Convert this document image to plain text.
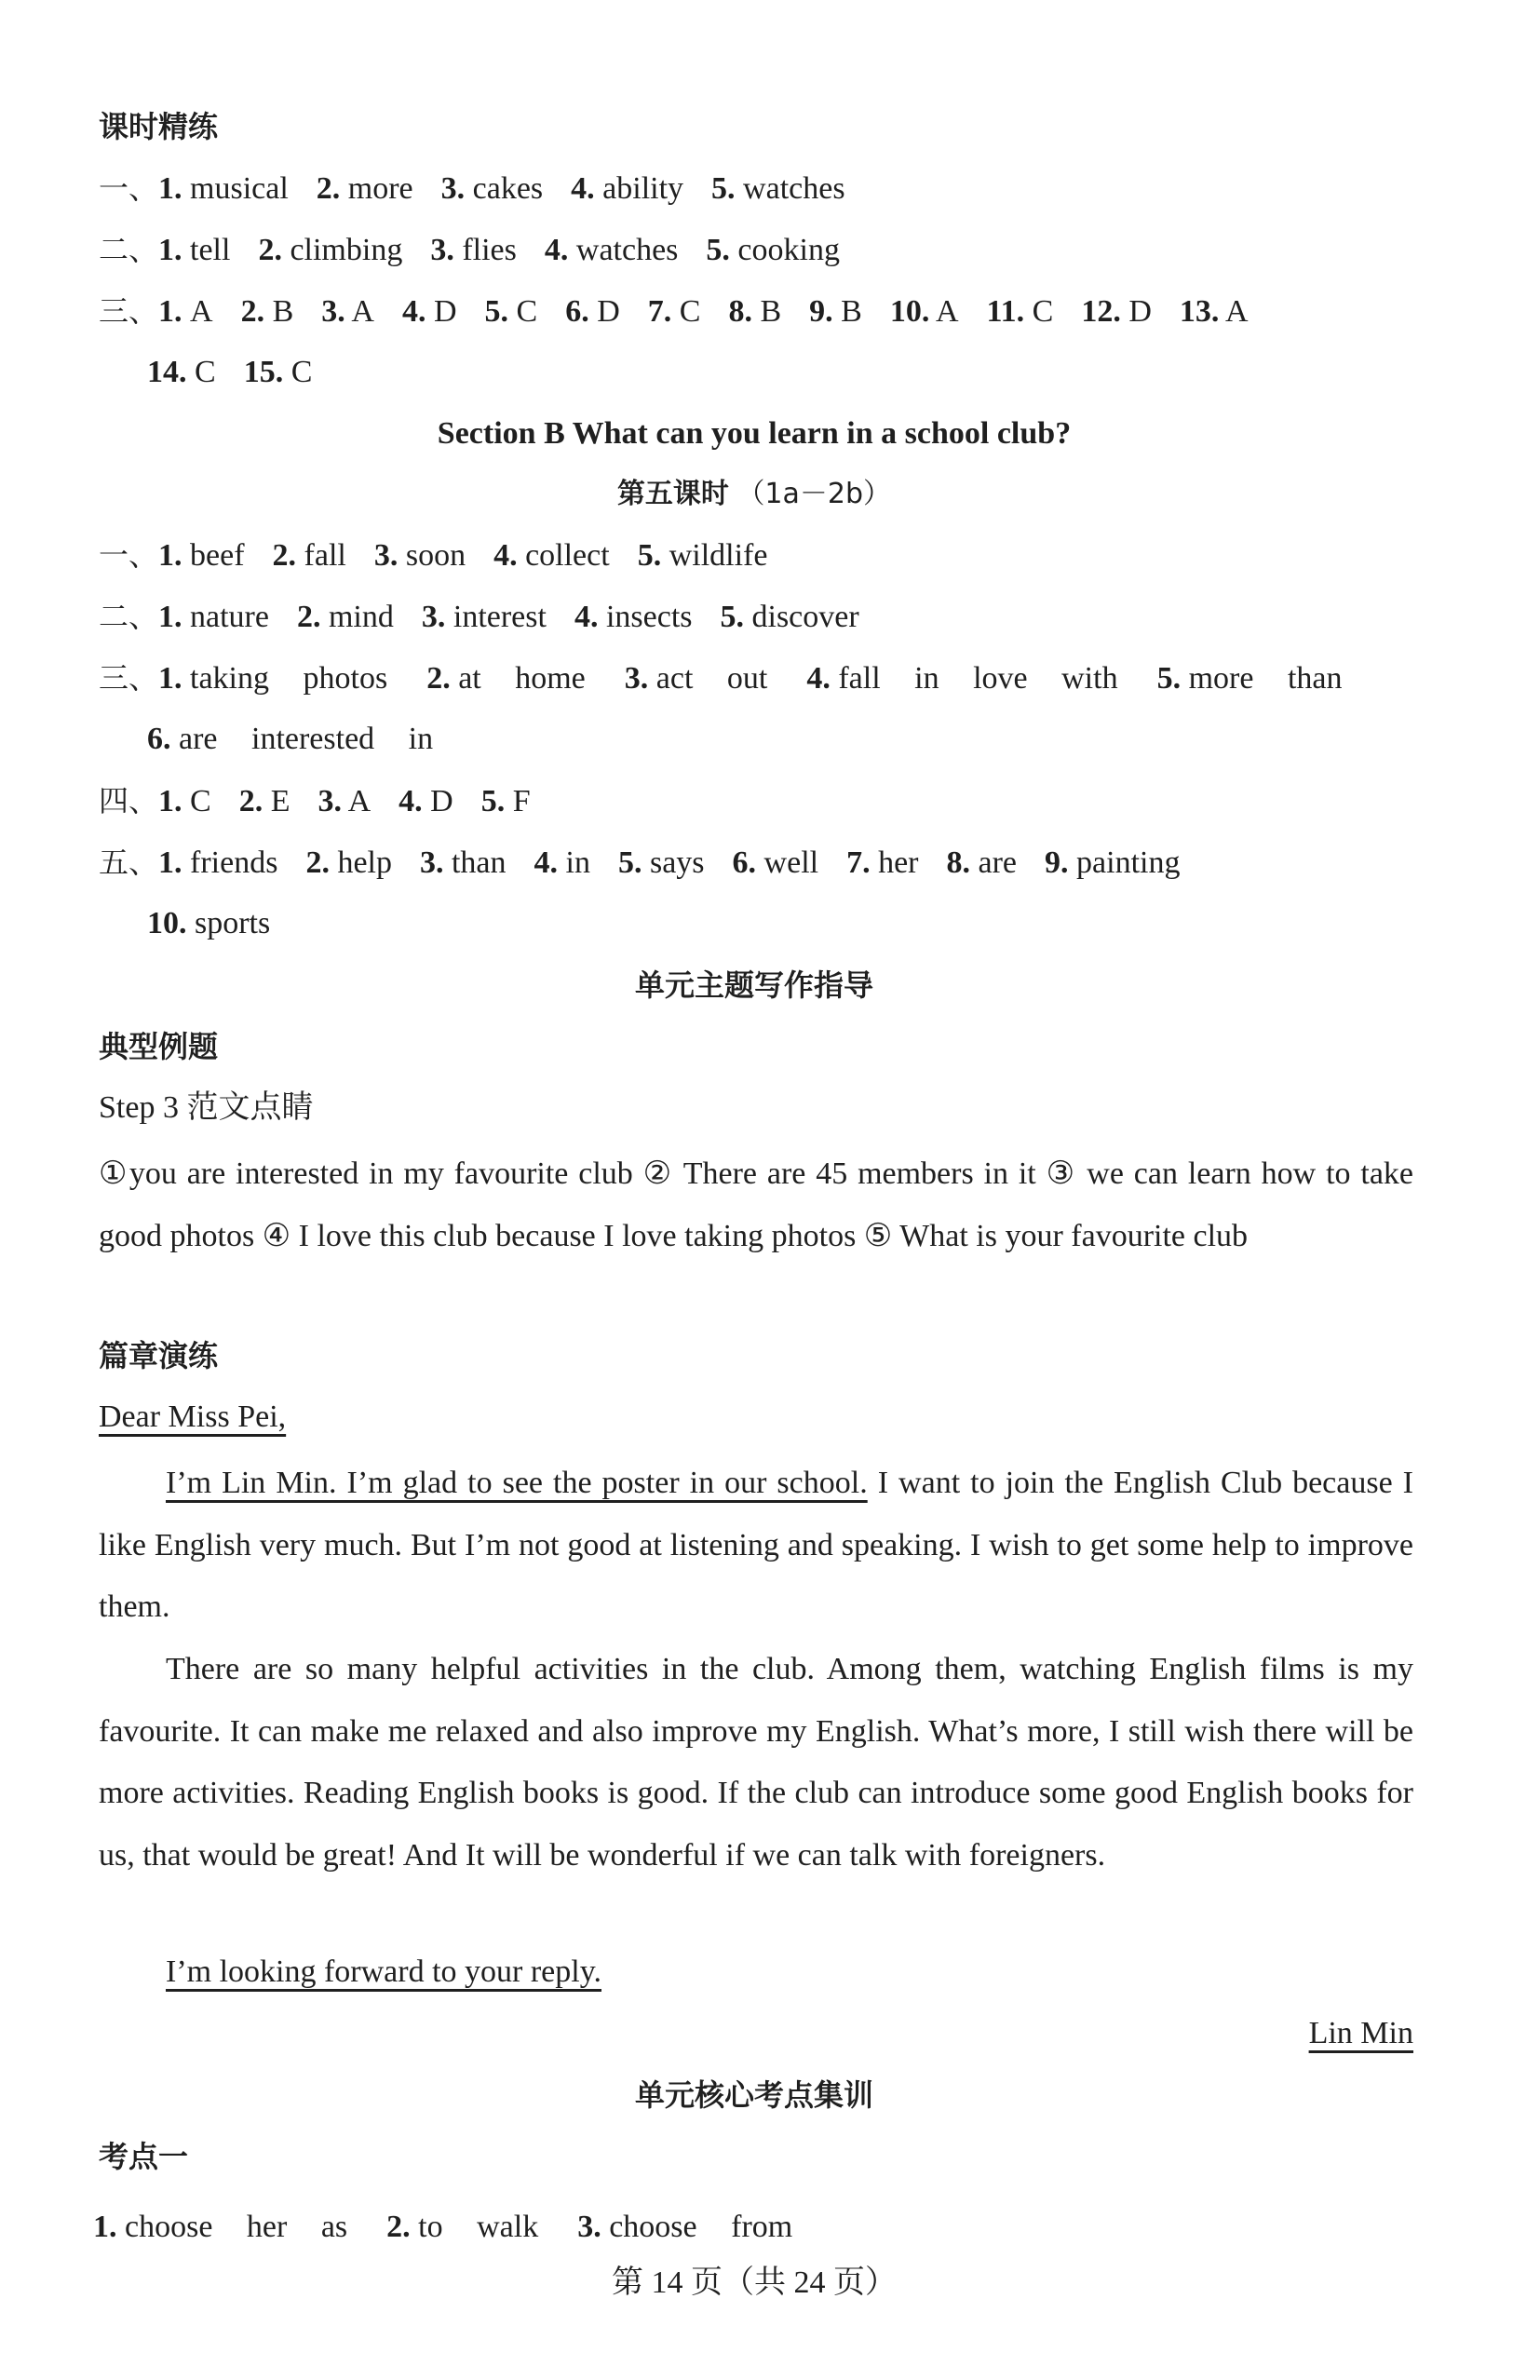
课时精练
一、1. musical 2. more 3. cakes 4. ability 5. watches
二、1. tell 2. climbing 3. flies 4. watches 5. cooking
三、1. A 2. B 3. A 4. D 5. C 6. D 7. C 8. B 9. B 10. A 11. C 12. D 13. A
14. C 15. C
Section B What can you learn in a school club?
第五课时 （1a－2b）
一、1. beef 2. fall 3. soon 4. collect 5. wildlife
二、1. nature 2. mind 3. interest 4. insects 5. discover
三、1. taking photos 2. at home 3. act out 4. fall in love with 5. more than
6. are interested in
四、1. C 2. E 3. A 4. D 5. F
五、1. friends 2. help 3. than 4. in 5. says 6. well 7. her 8. are 9. painting
10. sports
单元主题写作指导
典型例题
Step 3 范文点睛
①you are interested in my favourite club ② There are 45 members in it ③ we can learn how to take good photos ④ I love this club because I love taking photos ⑤ What is your favourite club
篇章演练
Dear Miss Pei,
I’m Lin Min. I’m glad to see the poster in our school. I want to join the English Club because I like English very much. But I’m not good at listening and speaking. I wish to get some help to improve them.
There are so many helpful activities in the club. Among them, watching English films is my favourite. It can make me relaxed and also improve my English. What’s more, I still wish there will be more activities. Reading English books is good. If the club can introduce some good English books for us, that would be great! And It will be wonderful if we can talk with foreigners.
I’m looking forward to your reply.
Lin Min
单元核心考点集训
考点一
1. choose her as 2. to walk 3. choose from
第 14 页（共 24 页）
